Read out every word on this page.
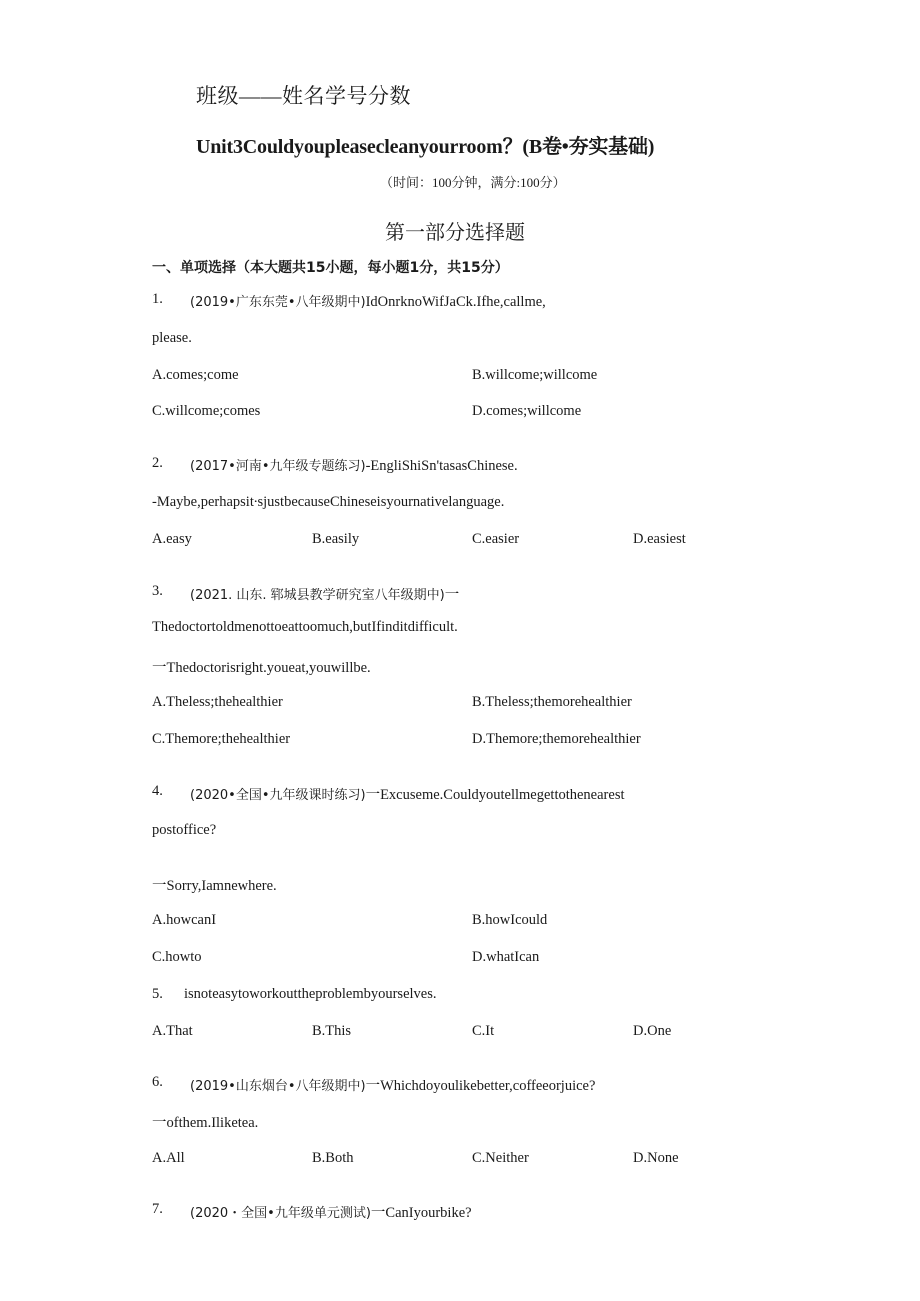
班级——姓名学号分数
Unit3Couldyoupleasecleanyourroom？(B卷•夯实基础)
（时间：100分钟，满分:100分）
第一部分选择题
一、单项选择（本大题共15小题，每小题1分，共15分）
1. (2019•广东东莞•八年级期中)IdOnrknoWifJaCk.Ifhe,callme,
please.
A.comes;come	B.willcome;willcome
C.willcome;comes	D.comes;willcome
2. (2017•河南•九年级专题练习)-EngliShiSn'tasasChinese.
-Maybe,perhapsit∙sjustbecauseChineseisyournativelanguage.
A.easy	B.easily	C.easier	D.easiest
3. (2021. 山东. 郓城县教学研究室八年级期中)一
Thedoctortoldmenottoeattoomuch,butIfinditdifficult.
一Thedoctorisright.youeat,youwillbe.
A.Theless;thehealthier	B.Theless;themorehealthier
C.Themore;thehealthier	D.Themore;themorehealthier
4. (2020•全国•九年级课时练习)一Excuseme.Couldyoutellmegettothenearest
postoffice?
一Sorry,Iamnewhere.
A.howcanI	B.howIcould
C.howto	D.whatIcan
5. isnoteasytoworkouttheproblembyourselves.
A.That	B.This	C.It	D.One
6. (2019•山东烟台•八年级期中)一Whichdoyoulikebetter,coffeeorjuice?
一ofthem.Iliketea.
A.All	B.Both	C.Neither	D.None
7. (2020・全国•九年级单元测试)一CanIyourbike?
